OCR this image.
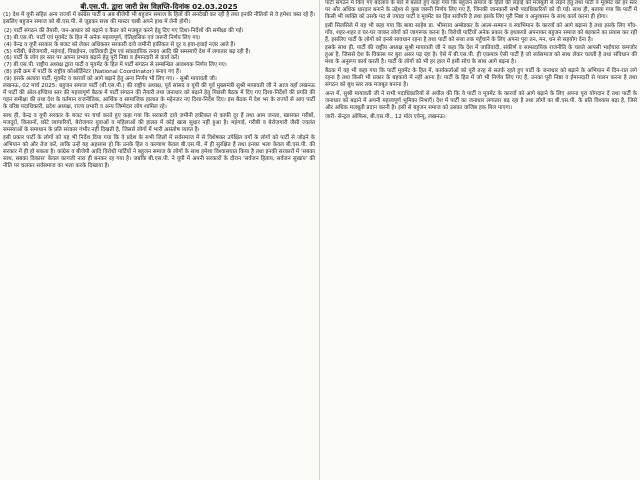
बी.एस.पी. द्वारा जारी प्रेस विज्ञप्ति-दिनांक 02.03.2025

(1) देश में यूपी सहित अन्य राज्यों में कांग्रेस पार्टी व अब बीजेपी भी बहुजन समाज के हितों की अनदेखी कर रही है तथा इनकी नीतियों से वे हमेशा त्रस्त रहे हैं। इसलिए बहुजन समाज को बी.एस.पी. से जुड़कर सत्ता की मास्टर चाबी अपने हाथ में लेनी होगी।

(2) पार्टी संगठन की तैयारी, जन-आधार को बढ़ाने व कैडर को मजबूत करने हेतु दिए गए दिशा-निर्देशों की समीक्षा की गई।

(3) बी.एस.पी. पार्टी एवं मूवमेंट के हित में अनेक महत्त्वपूर्ण, ऐतिहासिक एवं जरूरी निर्णय लिए गए।

(4) केन्द्र व यूपी सरकार के बजट को लेकर अधिकतर सरकारी दावे जमीनी हकीकत से दूर व हवा-हवाई नज़र आते हैं।

(5) गरीबी, बेरोजगारी, महंगाई, पिछड़ेपन, जातिवादी द्वेष एवं सांप्रदायिक तनाव आदि की समस्याएँ देश में लगातार बढ़ रही हैं।

(6) पार्टी के लोग हर स्तर पर अपना प्रभाव बढ़ाने हेतु पूरी निष्ठा व ईमानदारी से कार्य करें।

(7) बी.एस.पी. राष्ट्रीय अध्यक्ष द्वारा पार्टी व मूवमेंट के हित में पार्टी संगठन से सम्बन्धित आवश्यक निर्णय लिए गए।

(8) इसी क्रम में पार्टी के राष्ट्रीय कोऑर्डिनेटर (National Coordinator) बनाए गए हैं।

(9) इसके अलावा पार्टी, मूवमेंट व कारवाँ को आगे बढ़ाने हेतु अन्य निर्णय भी लिए गए। - सुश्री मायावती जी।

लखनऊ, 02 मार्च 2025: बहुजन समाज पार्टी (बी.एस.पी.) की राष्ट्रीय अध्यक्ष, पूर्व सांसद व यूपी की पूर्व मुख्यमंत्री सुश्री मायावती जी ने आज यहाँ लखनऊ में पार्टी की ऑल-इण्डिया स्तर की महत्त्वपूर्ण बैठक में पार्टी संगठन की तैयारी तथा जनाधार को बढ़ाने हेतु पिछली बैठक में दिए गए दिशा-निर्देशों की प्रगति की गहन समीक्षा की तथा देश के वर्तमान राजनीतिक, आर्थिक व सामाजिक हालात के मद्देनजर नए दिशा-निर्देश दिए। इस बैठक में देश भर के राज्यों से आए पार्टी के वरिष्ठ पदाधिकारी, प्रदेश अध्यक्ष, राज्य प्रभारी व अन्य जिम्मेदार लोग शामिल रहे।

साथ ही, केन्द्र व यूपी सरकार के बजट पर चर्चा करते हुए कहा गया कि सरकारी दावे जमीनी हकीकत से काफी दूर हैं तथा आम जनता, खासकर गरीबों, मजदूरों, किसानों, छोटे व्यापारियों, बेरोजगार युवाओं व महिलाओं की हालत में कोई खास सुधार नहीं हुआ है। महंगाई, गरीबी व बेरोजगारी जैसी ज्वलंत समस्याओं के समाधान के प्रति सरकार गंभीर नहीं दिखती है, जिससे लोगों में भारी असंतोष व्याप्त है।

इसी प्रकार पार्टी के लोगों को यह भी निर्देश दिया गया कि वे प्रदेश के सभी जिलों में सर्वसमाज में से विशेषकर उपेक्षित वर्गों के लोगों को पार्टी से जोड़ने के अभियान को और तेज करें, ताकि उन्हें यह अहसास हो कि उनके हित व कल्याण केवल बी.एस.पी. में ही सुरक्षित हैं तथा इनका भला केवल बी.एस.पी. की सरकार में ही हो सकता है। कांग्रेस व बीजेपी आदि विरोधी पार्टियों ने बहुजन समाज के लोगों के साथ हमेशा विश्वासघात किया है तथा इनकी सरकारों में 'सबका साथ, सबका विकास' केवल कागजी नारा ही बनकर रह गया है। जबकि बी.एस.पी. ने यूपी में अपनी सरकारों के दौरान 'सर्वजन हिताय, सर्वजन सुखाय' की नीति पर चलकर सर्वसमाज का भला करके दिखाया है।

पार्टी संगठन में किए गए बदलाव के बारे में बताते हुए कहा गया कि बहुजन समाज के हितों की लड़ाई को मजबूती से लड़ने हेतु तथा पार्टी व मूवमेंट को हर स्तर पर और अधिक धारदार बनाने के उद्देश्य से कुछ जरूरी निर्णय लिए गए हैं, जिनकी जानकारी सभी पदाधिकारियों को दी गई। साथ ही, बताया गया कि पार्टी में किसी भी व्यक्ति को उसके पद से ज्यादा पार्टी व मूवमेंट का हित सर्वोपरि है तथा इसके लिए पूरी निष्ठा व अनुशासन के साथ कार्य करना ही होगा।

इसी सिलसिले में यह भी कहा गया कि बाबा साहेब डा. भीमराव अम्बेडकर के आत्म-सम्मान व स्वाभिमान के कारवाँ को आगे बढ़ाना है तथा इसके लिए गाँव-गाँव, शहर-शहर व घर-घर जाकर लोगों को जागरूक करना है। विरोधी पार्टियाँ अनेक प्रकार के हथकण्डे अपनाकर बहुजन समाज को बहकाने का प्रयास कर रही हैं, इसलिए पार्टी के लोगों को इनसे सावधान रहना है तथा पार्टी को सत्ता तक पहुँचाने के लिए अपना पूरा तन, मन, धन से सहयोग देना है।

इसके साथ ही, पार्टी की राष्ट्रीय अध्यक्ष सुश्री मायावती जी ने कहा कि देश में जातिवादी, संकीर्ण व साम्प्रदायिक राजनीति के चलते आपसी भाईचारा कमजोर हुआ है, जिससे देश के विकास पर बुरा असर पड़ रहा है। ऐसे में बी.एस.पी. ही एकमात्र ऐसी पार्टी है जो सर्वसमाज को साथ लेकर चलती है तथा संविधान की मंशा के अनुरूप कार्य करती है। पार्टी के लोगों को भी हर हाल में इसी सोच के साथ आगे बढ़ना है।

बैठक में यह भी कहा गया कि पार्टी मूवमेंट के हित में, कार्यकर्ताओं को पूरी तरह से सतर्क रहते हुए पार्टी के जनाधार को बढ़ाने के अभियान में दिन-रात लगे रहना है तथा किसी भी प्रकार के बहकावे में नहीं आना है। पार्टी के हित में जो भी निर्णय लिए गए हैं, उनका पूरी निष्ठा व ईमानदारी से पालन करना है तथा संगठन को बूथ स्तर तक मजबूत बनाना है।

अन्त में, सुश्री मायावती जी ने सभी पदाधिकारियों से अपील की कि वे पार्टी व मूवमेंट के कारवाँ को आगे बढ़ाने के लिए अपना पूरा योगदान दें तथा पार्टी के जनाधार को बढ़ाने में अपनी महत्त्वपूर्ण भूमिका निभाएँ। देश में पार्टी का जनाधार लगातार बढ़ रहा है तथा लोगों का बी.एस.पी. के प्रति विश्वास बढ़ा है, जिसे और अधिक मजबूती प्रदान करनी है। इसी से बहुजन समाज को उसका वाजिब हक मिल पाएगा।

जारी- सेन्ट्रल ऑफिस, बी.एस.पी., 12 मॉल एवेन्यू, लखनऊ।
